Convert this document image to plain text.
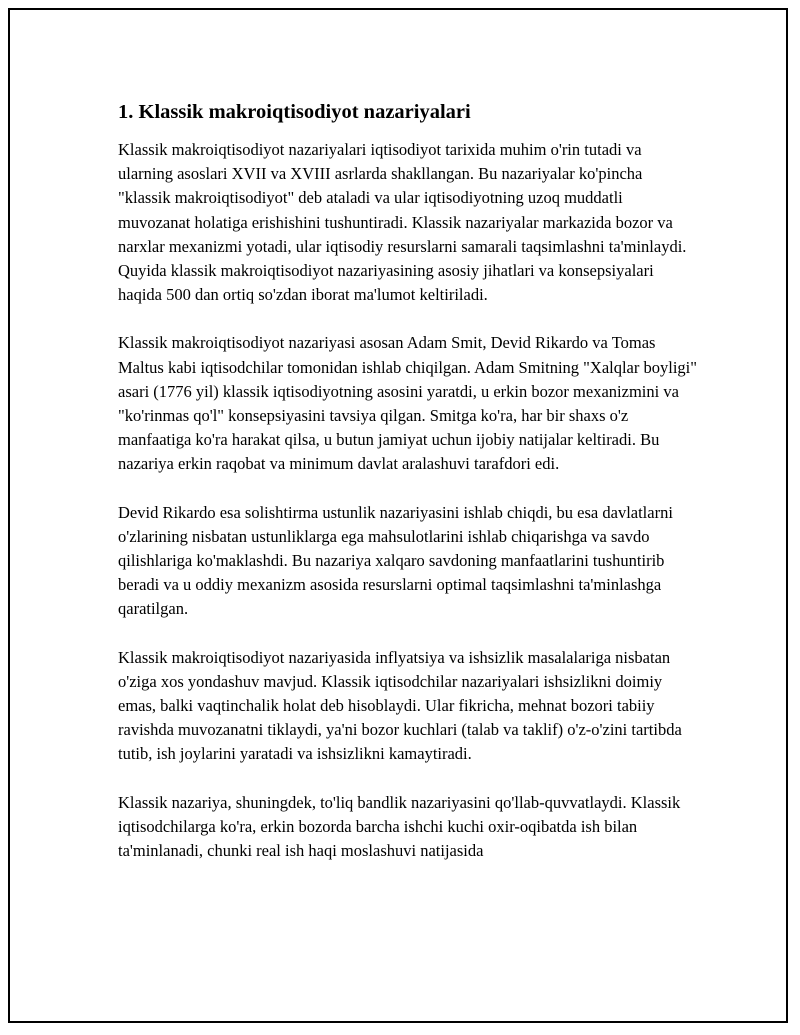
1. Klassik makroiqtisodiyot nazariyalari

Klassik makroiqtisodiyot nazariyalari iqtisodiyot tarixida muhim o'rin tutadi va ularning asoslari XVII va XVIII asrlarda shakllangan. Bu nazariyalar ko'pincha "klassik makroiqtisodiyot" deb ataladi va ular iqtisodiyotning uzoq muddatli muvozanat holatiga erishishini tushuntiradi. Klassik nazariyalar markazida bozor va narxlar mexanizmi yotadi, ular iqtisodiy resurslarni samarali taqsimlashni ta'minlaydi. Quyida klassik makroiqtisodiyot nazariyasining asosiy jihatlari va konsepsiyalari haqida 500 dan ortiq so'zdan iborat ma'lumot keltiriladi.

Klassik makroiqtisodiyot nazariyasi asosan Adam Smit, Devid Rikardo va Tomas Maltus kabi iqtisodchilar tomonidan ishlab chiqilgan. Adam Smitning "Xalqlar boyligi" asari (1776 yil) klassik iqtisodiyotning asosini yaratdi, u erkin bozor mexanizmini va "ko'rinmas qo'l" konsepsiyasini tavsiya qilgan. Smitga ko'ra, har bir shaxs o'z manfaatiga ko'ra harakat qilsa, u butun jamiyat uchun ijobiy natijalar keltiradi. Bu nazariya erkin raqobat va minimum davlat aralashuvi tarafdori edi.

Devid Rikardo esa solishtirma ustunlik nazariyasini ishlab chiqdi, bu esa davlatlarni o'zlarining nisbatan ustunliklarga ega mahsulotlarini ishlab chiqarishga va savdo qilishlariga ko'maklashdi. Bu nazariya xalqaro savdoning manfaatlarini tushuntirib beradi va u oddiy mexanizm asosida resurslarni optimal taqsimlashni ta'minlashga qaratilgan.

Klassik makroiqtisodiyot nazariyasida inflyatsiya va ishsizlik masalalariga nisbatan o'ziga xos yondashuv mavjud. Klassik iqtisodchilar nazariyalari ishsizlikni doimiy emas, balki vaqtinchalik holat deb hisoblaydi. Ular fikricha, mehnat bozori tabiiy ravishda muvozanatni tiklaydi, ya'ni bozor kuchlari (talab va taklif) o'z-o'zini tartibda tutib, ish joylarini yaratadi va ishsizlikni kamaytiradi.

Klassik nazariya, shuningdek, to'liq bandlik nazariyasini qo'llab-quvvatlaydi. Klassik iqtisodchilarga ko'ra, erkin bozorda barcha ishchi kuchi oxir-oqibatda ish bilan ta'minlanadi, chunki real ish haqi moslashuvi natijasida
